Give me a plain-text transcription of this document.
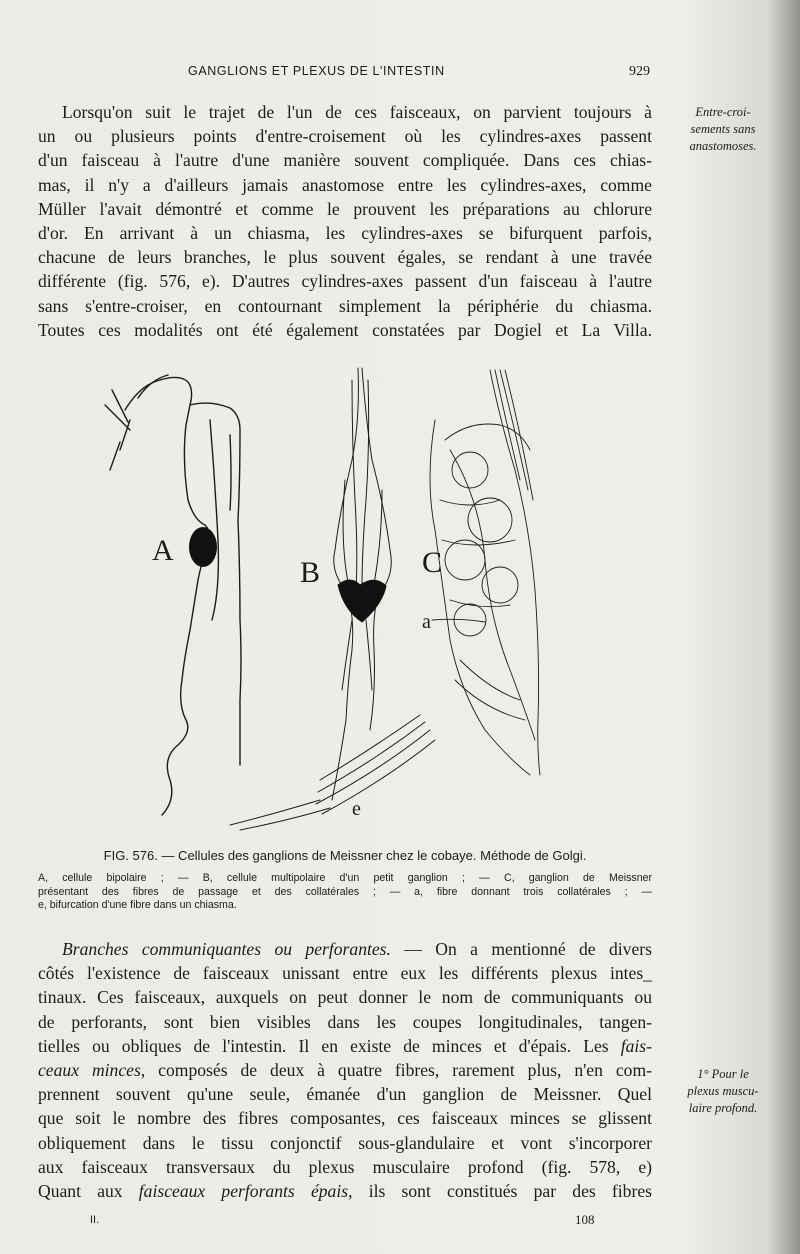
GANGLIONS ET PLEXUS DE L'INTESTIN	929
Lorsqu'on suit le trajet de l'un de ces faisceaux, on parvient toujours à
un ou plusieurs points d'entre-croisement où les cylindres-axes passent
d'un faisceau à l'autre d'une manière souvent compliquée. Dans ces chias-
mas, il n'y a d'ailleurs jamais anastomose entre les cylindres-axes, comme
Müller l'avait démontré et comme le prouvent les préparations au chlorure
d'or. En arrivant à un chiasma, les cylindres-axes se bifurquent parfois,
chacune de leurs branches, le plus souvent égales, se rendant à une travée
différente (fig. 576, e). D'autres cylindres-axes passent d'un faisceau à l'autre
sans s'entre-croiser, en contournant simplement la périphérie du chiasma.
Toutes ces modalités ont été également constatées par Dogiel et La Villa.
Entre-croi-
sements sans
anastomoses.
A
B	C
a
e
FIG. 576. — Cellules des ganglions de Meissner chez le cobaye. Méthode de Golgi.
A, cellule bipolaire ; — B, cellule multipolaire d'un petit ganglion ; — C, ganglion de Meissner
présentant des fibres de passage et des collatérales ; — a, fibre donnant trois collatérales ; —
e, bifurcation d'une fibre dans un chiasma.
Branches communiquantes ou perforantes. — On a mentionné de divers
côtés l'existence de faisceaux unissant entre eux les différents plexus intes_
tinaux. Ces faisceaux, auxquels on peut donner le nom de communiquants ou
de perforants, sont bien visibles dans les coupes longitudinales, tangen-
tielles ou obliques de l'intestin. Il en existe de minces et d'épais. Les fais-
ceaux minces, composés de deux à quatre fibres, rarement plus, n'en com-
prennent souvent qu'une seule, émanée d'un ganglion de Meissner. Quel
que soit le nombre des fibres composantes, ces faisceaux minces se glissent
obliquement dans le tissu conjonctif sous-glandulaire et vont s'incorporer
aux faisceaux transversaux du plexus musculaire profond (fig. 578, e)
Quant aux faisceaux perforants épais, ils sont constitués par des fibres
1° Pour le
plexus muscu-
laire profond.
II.	108
